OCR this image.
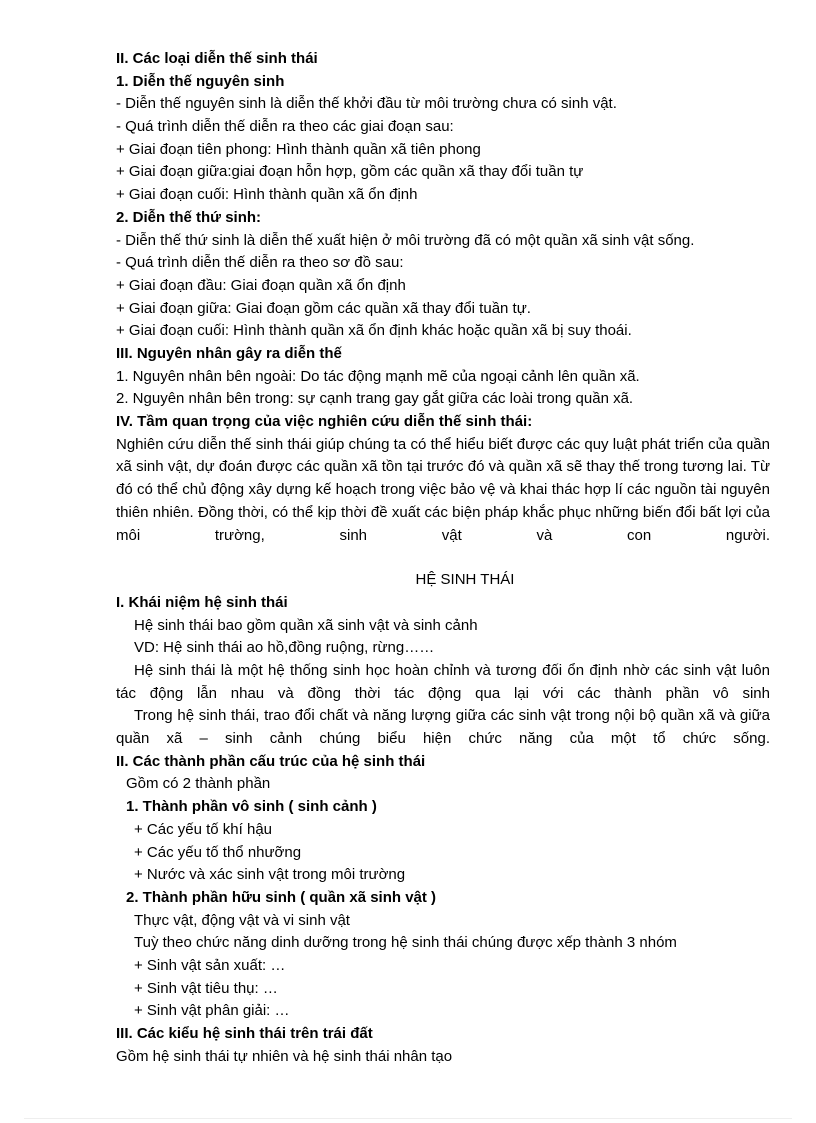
II. Các loại diễn thế sinh thái
1. Diễn thế nguyên sinh
- Diễn thế nguyên sinh là diễn thế khởi đầu từ môi trường chưa có sinh vật.
- Quá trình diễn thế diễn ra theo các giai đoạn sau:
+ Giai đoạn tiên phong: Hình thành quần xã tiên phong
+ Giai đoạn giữa:giai đoạn hỗn hợp, gồm các quần xã thay đổi tuần tự
+ Giai đoạn cuối: Hình thành quần xã ổn định
2. Diễn thế thứ sinh:
- Diễn thế thứ sinh là diễn thế xuất hiện ở môi trường đã có một quần xã sinh vật sống.
- Quá trình diễn thế diễn ra theo sơ đồ sau:
+ Giai đoạn đầu: Giai đoạn quần xã ổn định
+ Giai đoạn giữa: Giai đoạn gồm các quần xã thay đổi tuần tự.
+ Giai đoạn cuối: Hình thành quần xã ổn định khác hoặc quần xã bị suy thoái.
III. Nguyên nhân gây ra diễn thế
1. Nguyên nhân bên ngoài: Do tác động mạnh mẽ của ngoại cảnh lên quần xã.
2. Nguyên nhân bên trong: sự cạnh trang gay gắt giữa các loài trong quần xã.
IV. Tầm quan trọng của việc nghiên cứu diễn thế sinh thái:
Nghiên cứu diễn thế sinh thái giúp chúng ta có thể hiểu biết được các quy luật phát triển của quần xã sinh vật, dự đoán được các quần xã tồn tại trước đó và quần xã sẽ thay thế trong tương lai. Từ đó có thể chủ động xây dựng kế hoạch trong việc bảo vệ và khai thác hợp lí các nguồn tài nguyên thiên nhiên. Đồng thời, có thể kịp thời đề xuất các biện pháp khắc phục những biến đổi bất lợi của môi trường, sinh vật và con người.
HỆ SINH THÁI
I. Khái niệm hệ sinh thái
Hệ sinh thái bao gồm quần xã sinh vật và sinh cảnh
VD: Hệ sinh thái ao hồ,đồng ruộng, rừng……
Hệ sinh thái là một hệ thống sinh học hoàn chỉnh và tương đối ổn định nhờ các sinh vật luôn tác động lẫn nhau và đồng thời tác động qua lại với các thành phần vô sinh
Trong hệ sinh thái, trao đổi chất và năng lượng giữa các sinh vật trong nội bộ quần xã và giữa quần xã – sinh cảnh chúng biểu hiện chức năng của một tổ chức sống.
II. Các thành phần cấu trúc của hệ sinh thái
Gồm có 2 thành phần
1. Thành phần vô sinh ( sinh cảnh )
+ Các yếu tố khí hậu
+ Các yếu tố thổ nhưỡng
+ Nước và xác sinh vật trong môi trường
2. Thành phần hữu sinh ( quần xã sinh vật )
Thực vật, động vật và vi sinh vật
Tuỳ theo chức năng dinh dưỡng trong hệ sinh thái chúng được xếp thành 3 nhóm
+ Sinh vật sản xuất: …
+ Sinh vật tiêu thụ: …
+ Sinh vật phân giải: …
III. Các kiểu hệ sinh thái trên trái đất
Gồm hệ sinh thái tự nhiên và hệ sinh thái nhân tạo
